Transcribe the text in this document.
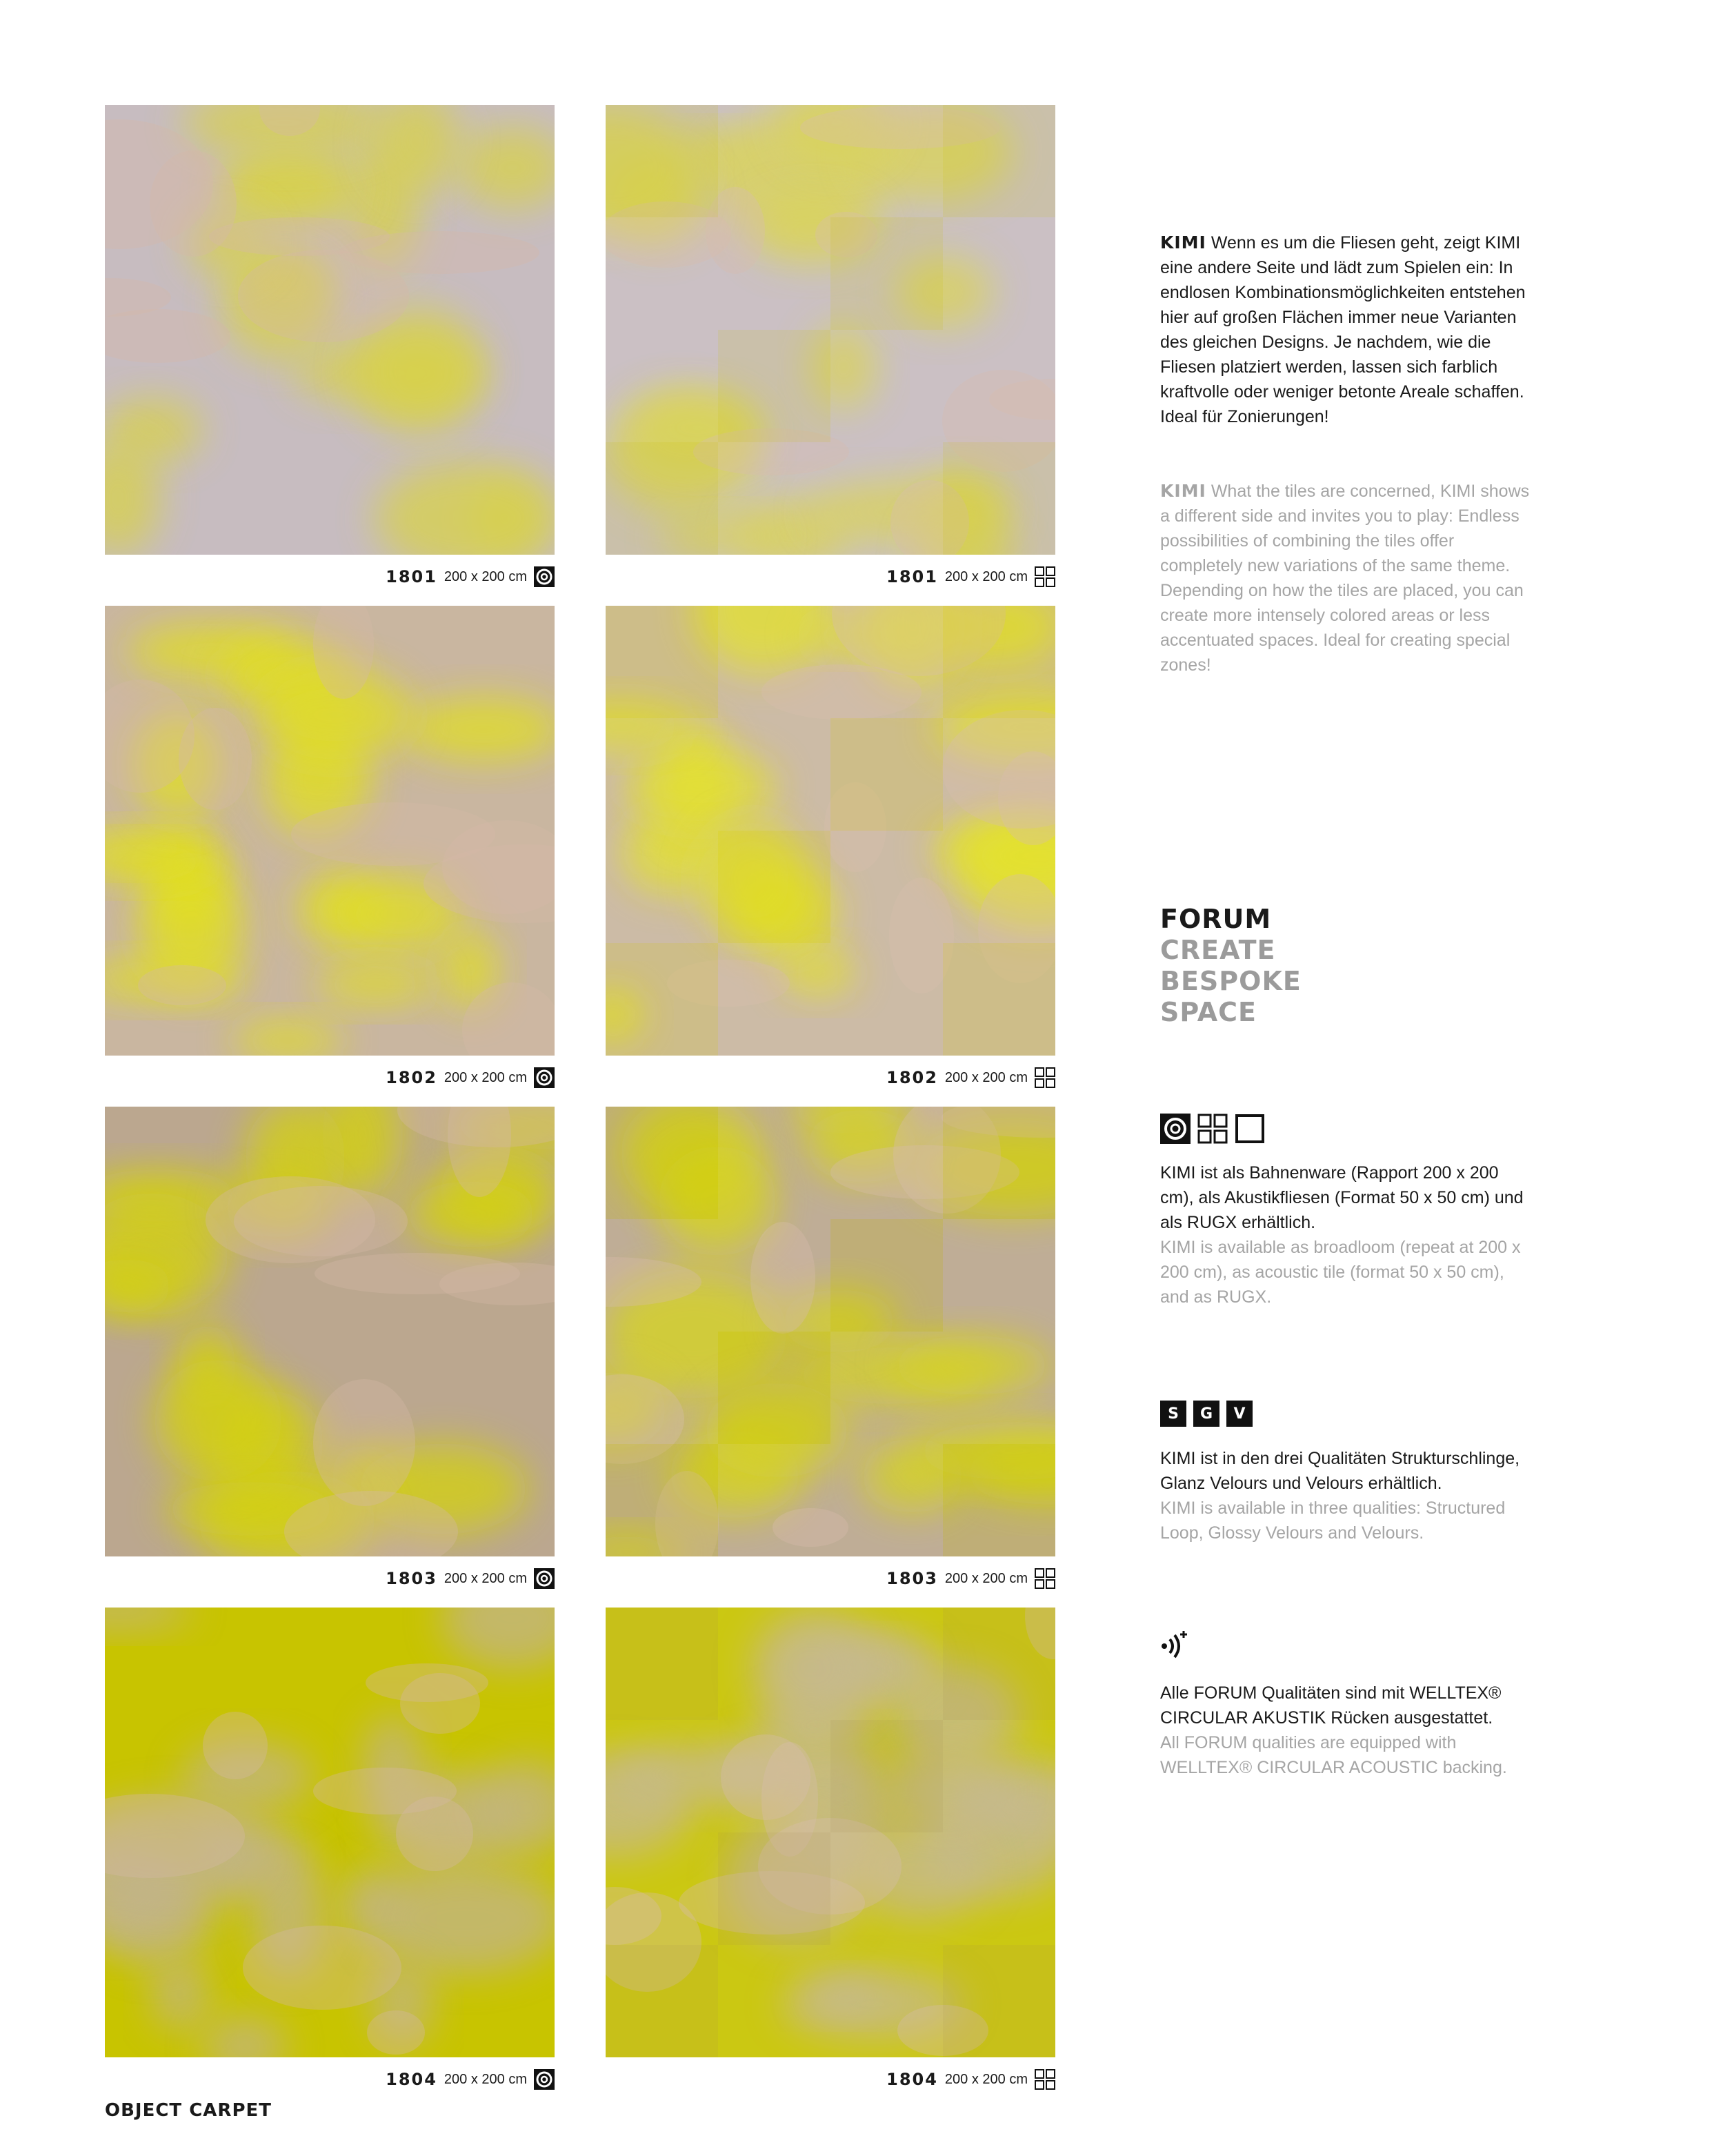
1801 200 x 200 cm	1801 200 x 200 cm
1802 200 x 200 cm	1802 200 x 200 cm
1803 200 x 200 cm	1803 200 x 200 cm
1804 200 x 200 cm	1804 200 x 200 cm

KIMI Wenn es um die Fliesen geht, zeigt KIMI eine andere Seite und lädt zum Spielen ein: In endlosen Kombinationsmöglichkeiten entstehen hier auf großen Flächen immer neue Varianten des gleichen Designs. Je nachdem, wie die Fliesen platziert werden, lassen sich farblich kraftvolle oder weniger betonte Areale schaffen. Ideal für Zonierungen!

KIMI What the tiles are concerned, KIMI shows a different side and invites you to play: Endless possibilities of combining the tiles offer completely new variations of the same theme. Depending on how the tiles are placed, you can create more intensely colored areas or less accentuated spaces. Ideal for creating special zones!

FORUM
CREATE
BESPOKE
SPACE

KIMI ist als Bahnenware (Rapport 200 x 200 cm), als Akustikfliesen (Format 50 x 50 cm) und als RUGX erhältlich.

KIMI is available as broadloom (repeat at 200 x 200 cm), as acoustic tile (format 50 x 50 cm), and as RUGX.

S	G	V

KIMI ist in den drei Qualitäten Strukturschlinge, Glanz Velours und Velours erhältlich.

KIMI is available in three qualities: Structured Loop, Glossy Velours and Velours.

Alle FORUM Qualitäten sind mit WELLTEX® CIRCULAR AKUSTIK Rücken ausgestattet.

All FORUM qualities are equipped with WELLTEX® CIRCULAR ACOUSTIC backing.

OBJECT CARPET
